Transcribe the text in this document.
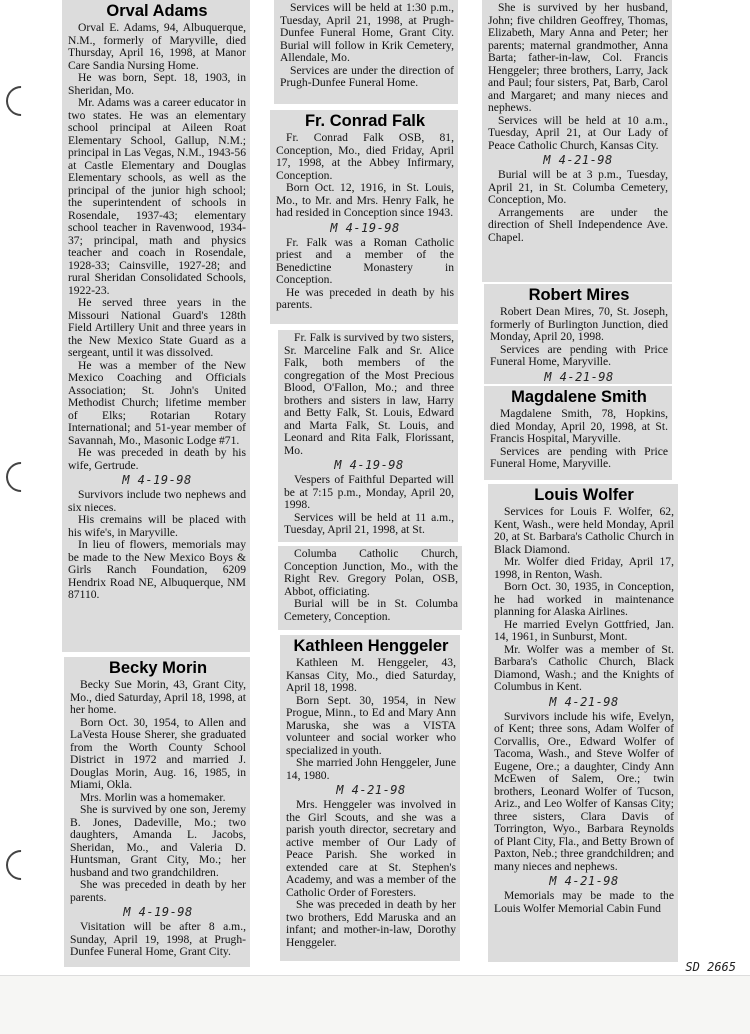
Orval Adams

Orval E. Adams, 94, Albuquerque, N.M., formerly of Maryville, died Thursday, April 16, 1998, at Manor Care Sandia Nursing Home.

He was born, Sept. 18, 1903, in Sheridan, Mo.

Mr. Adams was a career educator in two states. He was an elementary school principal at Aileen Roat Elementary School, Gallup, N.M.; principal in Las Vegas, N.M., 1943-56 at Castle Elementary and Douglas Elementary schools, as well as the principal of the junior high school; the superintendent of schools in Rosendale, 1937-43; elementary school teacher in Ravenwood, 1934-37; principal, math and physics teacher and coach in Rosendale, 1928-33; Cainsville, 1927-28; and rural Sheridan Consolidated Schools, 1922-23.

He served three years in the Missouri National Guard's 128th Field Artillery Unit and three years in the New Mexico State Guard as a sergeant, until it was dissolved.

He was a member of the New Mexico Coaching and Officials Association; St. John's United Methodist Church; lifetime member of Elks; Rotarian Rotary International; and 51-year member of Savannah, Mo., Masonic Lodge #71.

He was preceded in death by his wife, Gertrude.

M 4-19-98

Survivors include two nephews and six nieces.

His cremains will be placed with his wife's, in Maryville.

In lieu of flowers, memorials may be made to the New Mexico Boys & Girls Ranch Foundation, 6209 Hendrix Road NE, Albuquerque, NM 87110.

Becky Morin

Becky Sue Morin, 43, Grant City, Mo., died Saturday, April 18, 1998, at her home.

Born Oct. 30, 1954, to Allen and LaVesta House Sherer, she graduated from the Worth County School District in 1972 and married J. Douglas Morin, Aug. 16, 1985, in Miami, Okla.

Mrs. Morlin was a homemaker.

She is survived by one son, Jeremy B. Jones, Dadeville, Mo.; two daughters, Amanda L. Jacobs, Sheridan, Mo., and Valeria D. Huntsman, Grant City, Mo.; her husband and two grandchildren.

She was preceded in death by her parents.

M 4-19-98

Visitation will be after 8 a.m., Sunday, April 19, 1998, at Prugh-Dunfee Funeral Home, Grant City.

Services will be held at 1:30 p.m., Tuesday, April 21, 1998, at Prugh-Dunfee Funeral Home, Grant City. Burial will follow in Krik Cemetery, Allendale, Mo.

Services are under the direction of Prugh-Dunfee Funeral Home.

Fr. Conrad Falk

Fr. Conrad Falk OSB, 81, Conception, Mo., died Friday, April 17, 1998, at the Abbey Infirmary, Conception.

Born Oct. 12, 1916, in St. Louis, Mo., to Mr. and Mrs. Henry Falk, he had resided in Conception since 1943.

M 4-19-98

Fr. Falk was a Roman Catholic priest and a member of the Benedictine Monastery in Conception.

He was preceded in death by his parents.

Fr. Falk is survived by two sisters, Sr. Marceline Falk and Sr. Alice Falk, both members of the congregation of the Most Precious Blood, O'Fallon, Mo.; and three brothers and sisters in law, Harry and Betty Falk, St. Louis, Edward and Marta Falk, St. Louis, and Leonard and Rita Falk, Florissant, Mo.

M 4-19-98

Vespers of Faithful Departed will be at 7:15 p.m., Monday, April 20, 1998.

Services will be held at 11 a.m., Tuesday, April 21, 1998, at St.

Columba Catholic Church, Conception Junction, Mo., with the Right Rev. Gregory Polan, OSB, Abbot, officiating.

Burial will be in St. Columba Cemetery, Conception.

Kathleen Henggeler

Kathleen M. Henggeler, 43, Kansas City, Mo., died Saturday, April 18, 1998.

Born Sept. 30, 1954, in New Progue, Minn., to Ed and Mary Ann Maruska, she was a VISTA volunteer and social worker who specialized in youth.

She married John Henggeler, June 14, 1980.

M 4-21-98

Mrs. Henggeler was involved in the Girl Scouts, and she was a parish youth director, secretary and active member of Our Lady of Peace Parish. She worked in extended care at St. Stephen's Academy, and was a member of the Catholic Order of Foresters.

She was preceded in death by her two brothers, Edd Maruska and an infant; and mother-in-law, Dorothy Henggeler.

She is survived by her husband, John; five children Geoffrey, Thomas, Elizabeth, Mary Anna and Peter; her parents; maternal grandmother, Anna Barta; father-in-law, Col. Francis Henggeler; three brothers, Larry, Jack and Paul; four sisters, Pat, Barb, Carol and Margaret; and many nieces and nephews.

Services will be held at 10 a.m., Tuesday, April 21, at Our Lady of Peace Catholic Church, Kansas City.

M 4-21-98

Burial will be at 3 p.m., Tuesday, April 21, in St. Columba Cemetery, Conception, Mo.

Arrangements are under the direction of Shell Independence Ave. Chapel.

Robert Mires

Robert Dean Mires, 70, St. Joseph, formerly of Burlington Junction, died Monday, April 20, 1998.

Services are pending with Price Funeral Home, Maryville.

M 4-21-98
Magdalene Smith

Magdalene Smith, 78, Hopkins, died Monday, April 20, 1998, at St. Francis Hospital, Maryville.

Services are pending with Price Funeral Home, Maryville.

Louis Wolfer

Services for Louis F. Wolfer, 62, Kent, Wash., were held Monday, April 20, at St. Barbara's Catholic Church in Black Diamond.

Mr. Wolfer died Friday, April 17, 1998, in Renton, Wash.

Born Oct. 30, 1935, in Conception, he had worked in maintenance planning for Alaska Airlines.

He married Evelyn Gottfried, Jan. 14, 1961, in Sunburst, Mont.

Mr. Wolfer was a member of St. Barbara's Catholic Church, Black Diamond, Wash.; and the Knights of Columbus in Kent.

M 4-21-98

Survivors include his wife, Evelyn, of Kent; three sons, Adam Wolfer of Corvallis, Ore., Edward Wolfer of Tacoma, Wash., and Steve Wolfer of Eugene, Ore.; a daughter, Cindy Ann McEwen of Salem, Ore.; twin brothers, Leonard Wolfer of Tucson, Ariz., and Leo Wolfer of Kansas City; three sisters, Clara Davis of Torrington, Wyo., Barbara Reynolds of Plant City, Fla., and Betty Brown of Paxton, Neb.; three grandchildren; and many nieces and nephews.

M 4-21-98

Memorials may be made to the Louis Wolfer Memorial Cabin Fund

SD 2665
